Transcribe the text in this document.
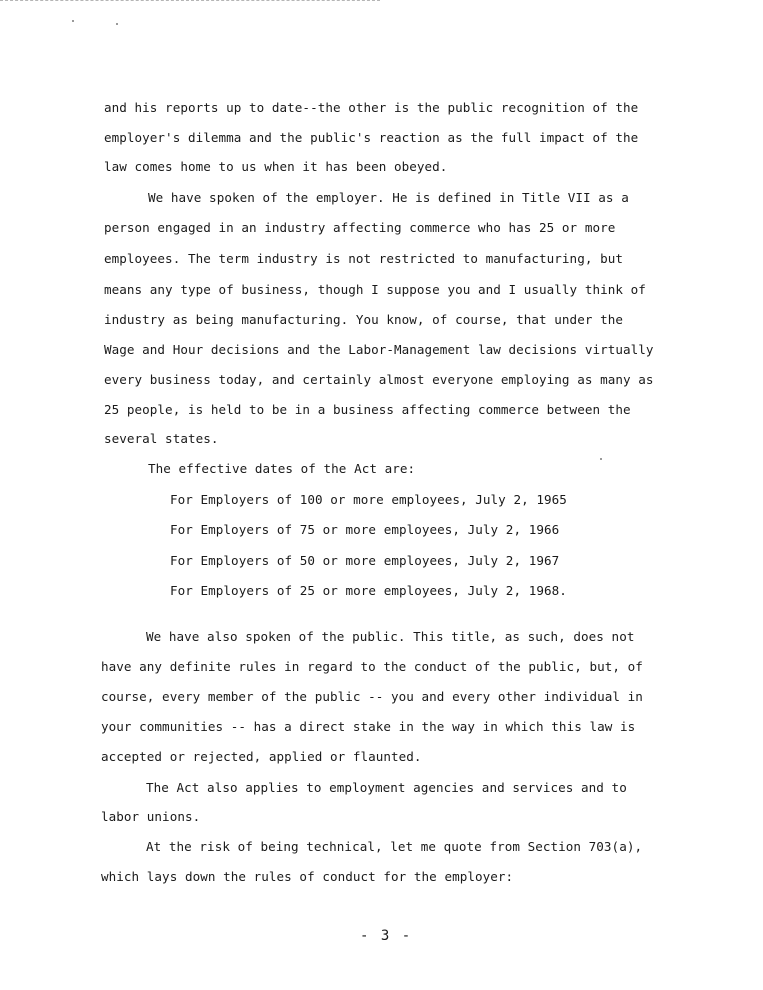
and his reports up to date--the other is the public recognition of the
employer's dilemma and the public's reaction as the full impact of the
law comes home to us when it has been obeyed.
We have spoken of the employer. He is defined in Title VII as a
person engaged in an industry affecting commerce who has 25 or more
employees. The term industry is not restricted to manufacturing, but
means any type of business, though I suppose you and I usually think of
industry as being manufacturing. You know, of course, that under the
Wage and Hour decisions and the Labor-Management law decisions virtually
every business today, and certainly almost everyone employing as many as
25 people, is held to be in a business affecting commerce between the
several states.
The effective dates of the Act are:
For Employers of 100 or more employees, July 2, 1965
For Employers of 75 or more employees, July 2, 1966
For Employers of 50 or more employees, July 2, 1967
For Employers of 25 or more employees, July 2, 1968.
We have also spoken of the public. This title, as such, does not
have any definite rules in regard to the conduct of the public, but, of
course, every member of the public -- you and every other individual in
your communities -- has a direct stake in the way in which this law is
accepted or rejected, applied or flaunted.
The Act also applies to employment agencies and services and to
labor unions.
At the risk of being technical, let me quote from Section 703(a),
which lays down the rules of conduct for the employer:
- 3 -
